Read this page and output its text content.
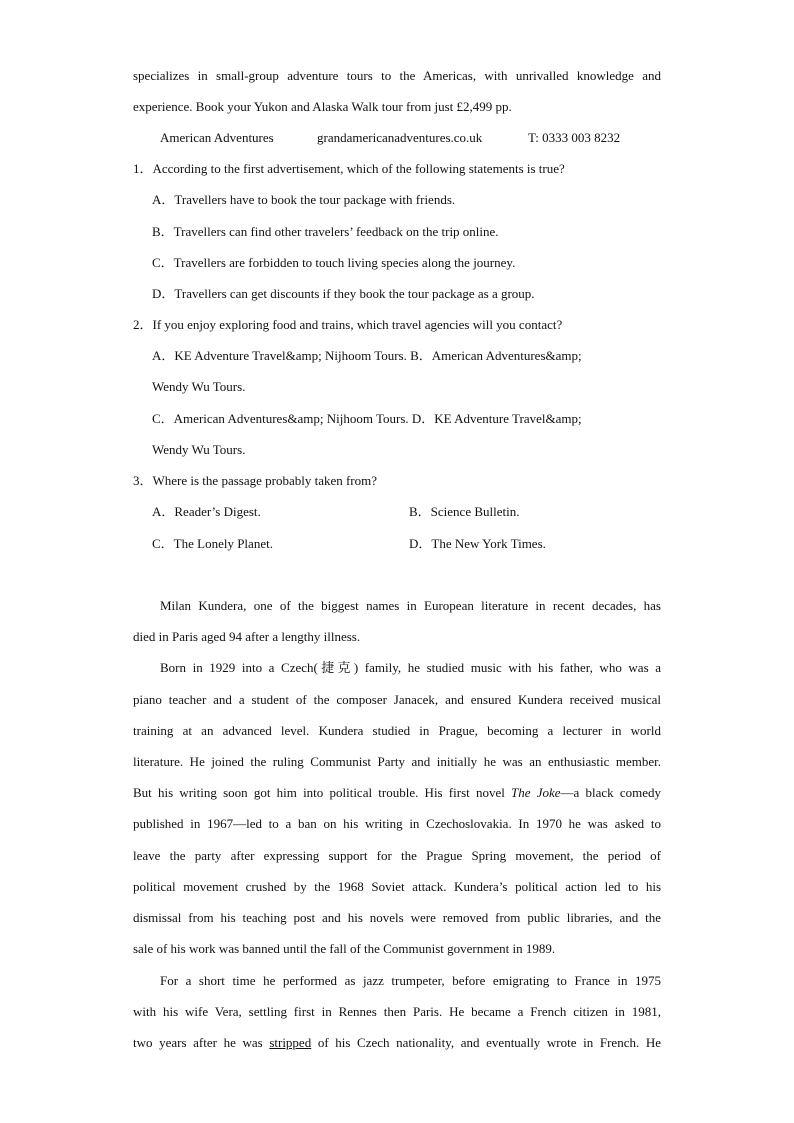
specializes in small-group adventure tours to the Americas, with unrivalled knowledge and
experience. Book your Yukon and Alaska Walk tour from just £2,499 pp.
American Adventures	grandamericanadventures.co.uk	T: 0333 003 8232
1．According to the first advertisement, which of the following statements is true?
A．Travellers have to book the tour package with friends.
B．Travellers can find other travelers’ feedback on the trip online.
C．Travellers are forbidden to touch living species along the journey.
D．Travellers can get discounts if they book the tour package as a group.
2．If you enjoy exploring food and trains, which travel agencies will you contact?
A．KE Adventure Travel&amp; Nijhoom Tours. B．American Adventures&amp;
Wendy Wu Tours.
C．American Adventures&amp; Nijhoom Tours. D．KE Adventure Travel&amp;
Wendy Wu Tours.
3．Where is the passage probably taken from?
A．Reader’s Digest.	B．Science Bulletin.
C．The Lonely Planet.	D．The New York Times.
Milan Kundera, one of the biggest names in European literature in recent decades, has
died in Paris aged 94 after a lengthy illness.
Born in 1929 into a Czech(捷克) family, he studied music with his father, who was a
piano teacher and a student of the composer Janacek, and ensured Kundera received musical
training at an advanced level. Kundera studied in Prague, becoming a lecturer in world
literature. He joined the ruling Communist Party and initially he was an enthusiastic member.
But his writing soon got him into political trouble. His first novel The Joke—a black comedy
published in 1967—led to a ban on his writing in Czechoslovakia. In 1970 he was asked to
leave the party after expressing support for the Prague Spring movement, the period of
political movement crushed by the 1968 Soviet attack. Kundera’s political action led to his
dismissal from his teaching post and his novels were removed from public libraries, and the
sale of his work was banned until the fall of the Communist government in 1989.
For a short time he performed as jazz trumpeter, before emigrating to France in 1975
with his wife Vera, settling first in Rennes then Paris. He became a French citizen in 1981,
two years after he was stripped of his Czech nationality, and eventually wrote in French. He
